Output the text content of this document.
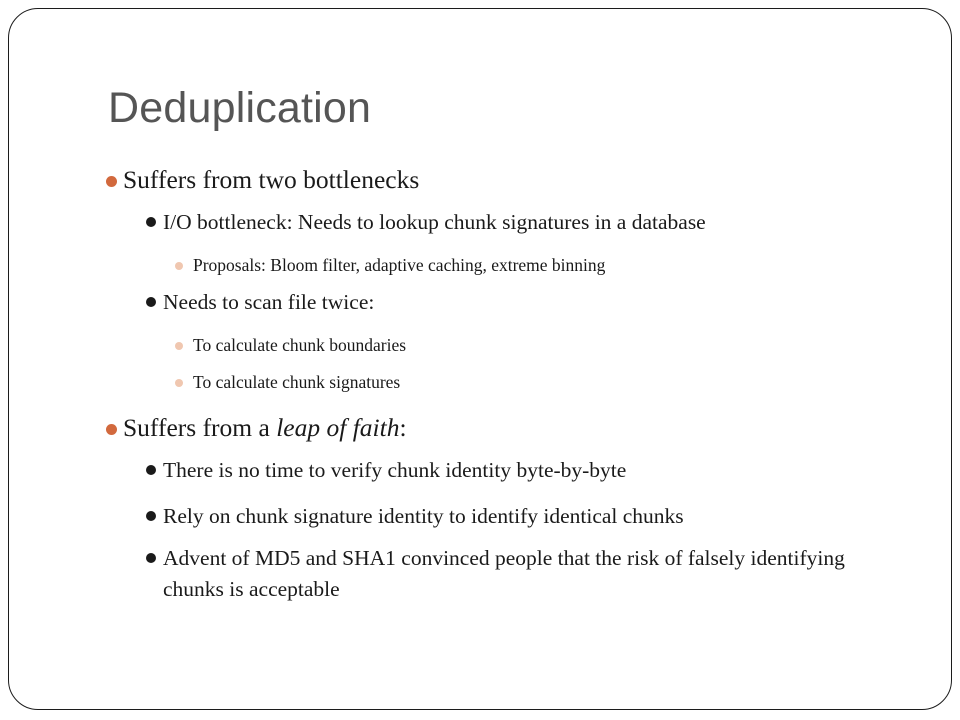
Deduplication
Suffers from two bottlenecks
I/O bottleneck: Needs to lookup chunk signatures in a database
Proposals: Bloom filter, adaptive caching, extreme binning
Needs to scan file twice:
To calculate chunk boundaries
To calculate chunk signatures
Suffers from a leap of faith:
There is no time to verify chunk identity byte-by-byte
Rely on chunk signature identity to identify identical chunks
Advent of MD5 and SHA1 convinced people that the risk of falsely identifying chunks is acceptable
